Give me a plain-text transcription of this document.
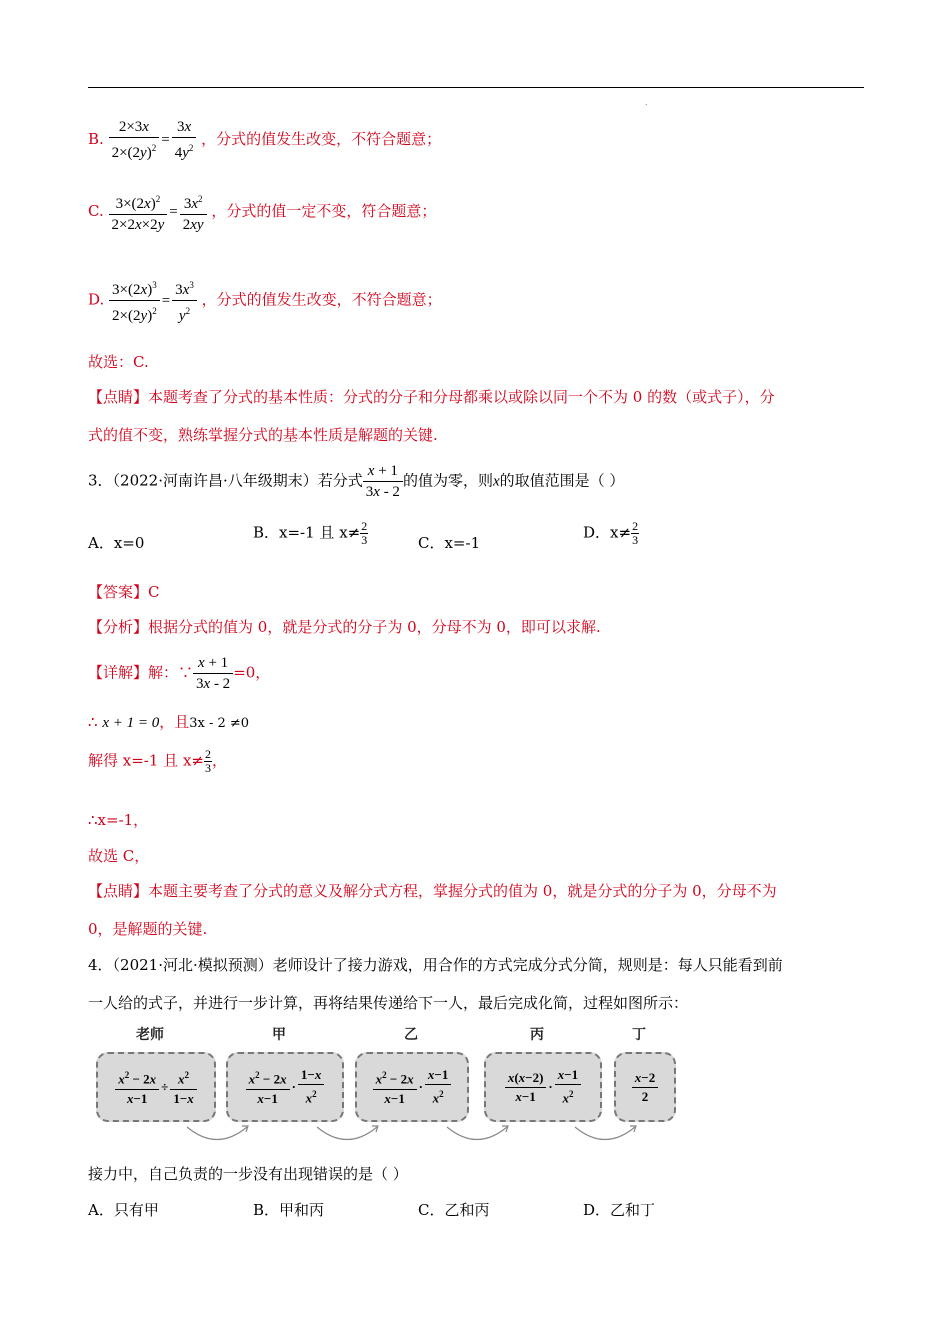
.
B. $\frac{2\times 3x}{2\times(2y)^2} = \frac{3x}{4y^2}$ ，分式的值发生改变，不符合题意；
C. $\frac{3\times(2x)^2}{2\times 2x\times 2y} = \frac{3x^2}{2xy}$ ，分式的值一定不变，符合题意；
D. $\frac{3\times(2x)^3}{2\times(2y)^2} = \frac{3x^3}{y^2}$ ，分式的值发生改变，不符合题意；
故选：C.
【点睛】本题考查了分式的基本性质：分式的分子和分母都乘以或除以同一个不为 0 的数（或式子），分
式的值不变，熟练掌握分式的基本性质是解题的关键.
3．（2022·河南许昌·八年级期末）若分式 $\frac{x + 1}{3x - 2}$ 的值为零，则x的取值范围是（ ）
A．x=0
B．x=-1 且 $x\ne \frac{2}{3}$	C．x=-1
D．$x\ne \frac{2}{3}$
【答案】C
【分析】根据分式的值为 0，就是分式的分子为 0，分母不为 0，即可以求解.
【详解】解：∵ $\frac{x + 1}{3x - 2} =0$，
∴ x + 1 = 0，且3x - 2 ≠0
解得 x=-1 且 $x\ne \frac{2}{3}$ ，
∴x=-1，
故选 C，
【点睛】本题主要考查了分式的意义及解分式方程，掌握分式的值为 0，就是分式的分子为 0，分母不为
0，是解题的关键.
4．（2021·河北·模拟预测）老师设计了接力游戏，用合作的方式完成分式分简，规则是：每人只能看到前
一人给的式子，并进行一步计算，再将结果传递给下一人，最后完成化简，过程如图所示：
老师	甲	乙	丙	丁
$\frac{x^2 - 2x}{x-1} \div \frac{x^2}{1-x}$	$\frac{x^2 - 2x}{x-1} \cdot \frac{1-x}{x^2}$	$\frac{x^2 - 2x}{x-1} \cdot \frac{x-1}{x^2}$	$\frac{x(x-2)}{x-1} \cdot \frac{x-1}{x^2}$	$\frac{x-2}{2}$
接力中，自己负责的一步没有出现错误的是（ ）
A．只有甲	B．甲和丙	C．乙和丙	D．乙和丁
